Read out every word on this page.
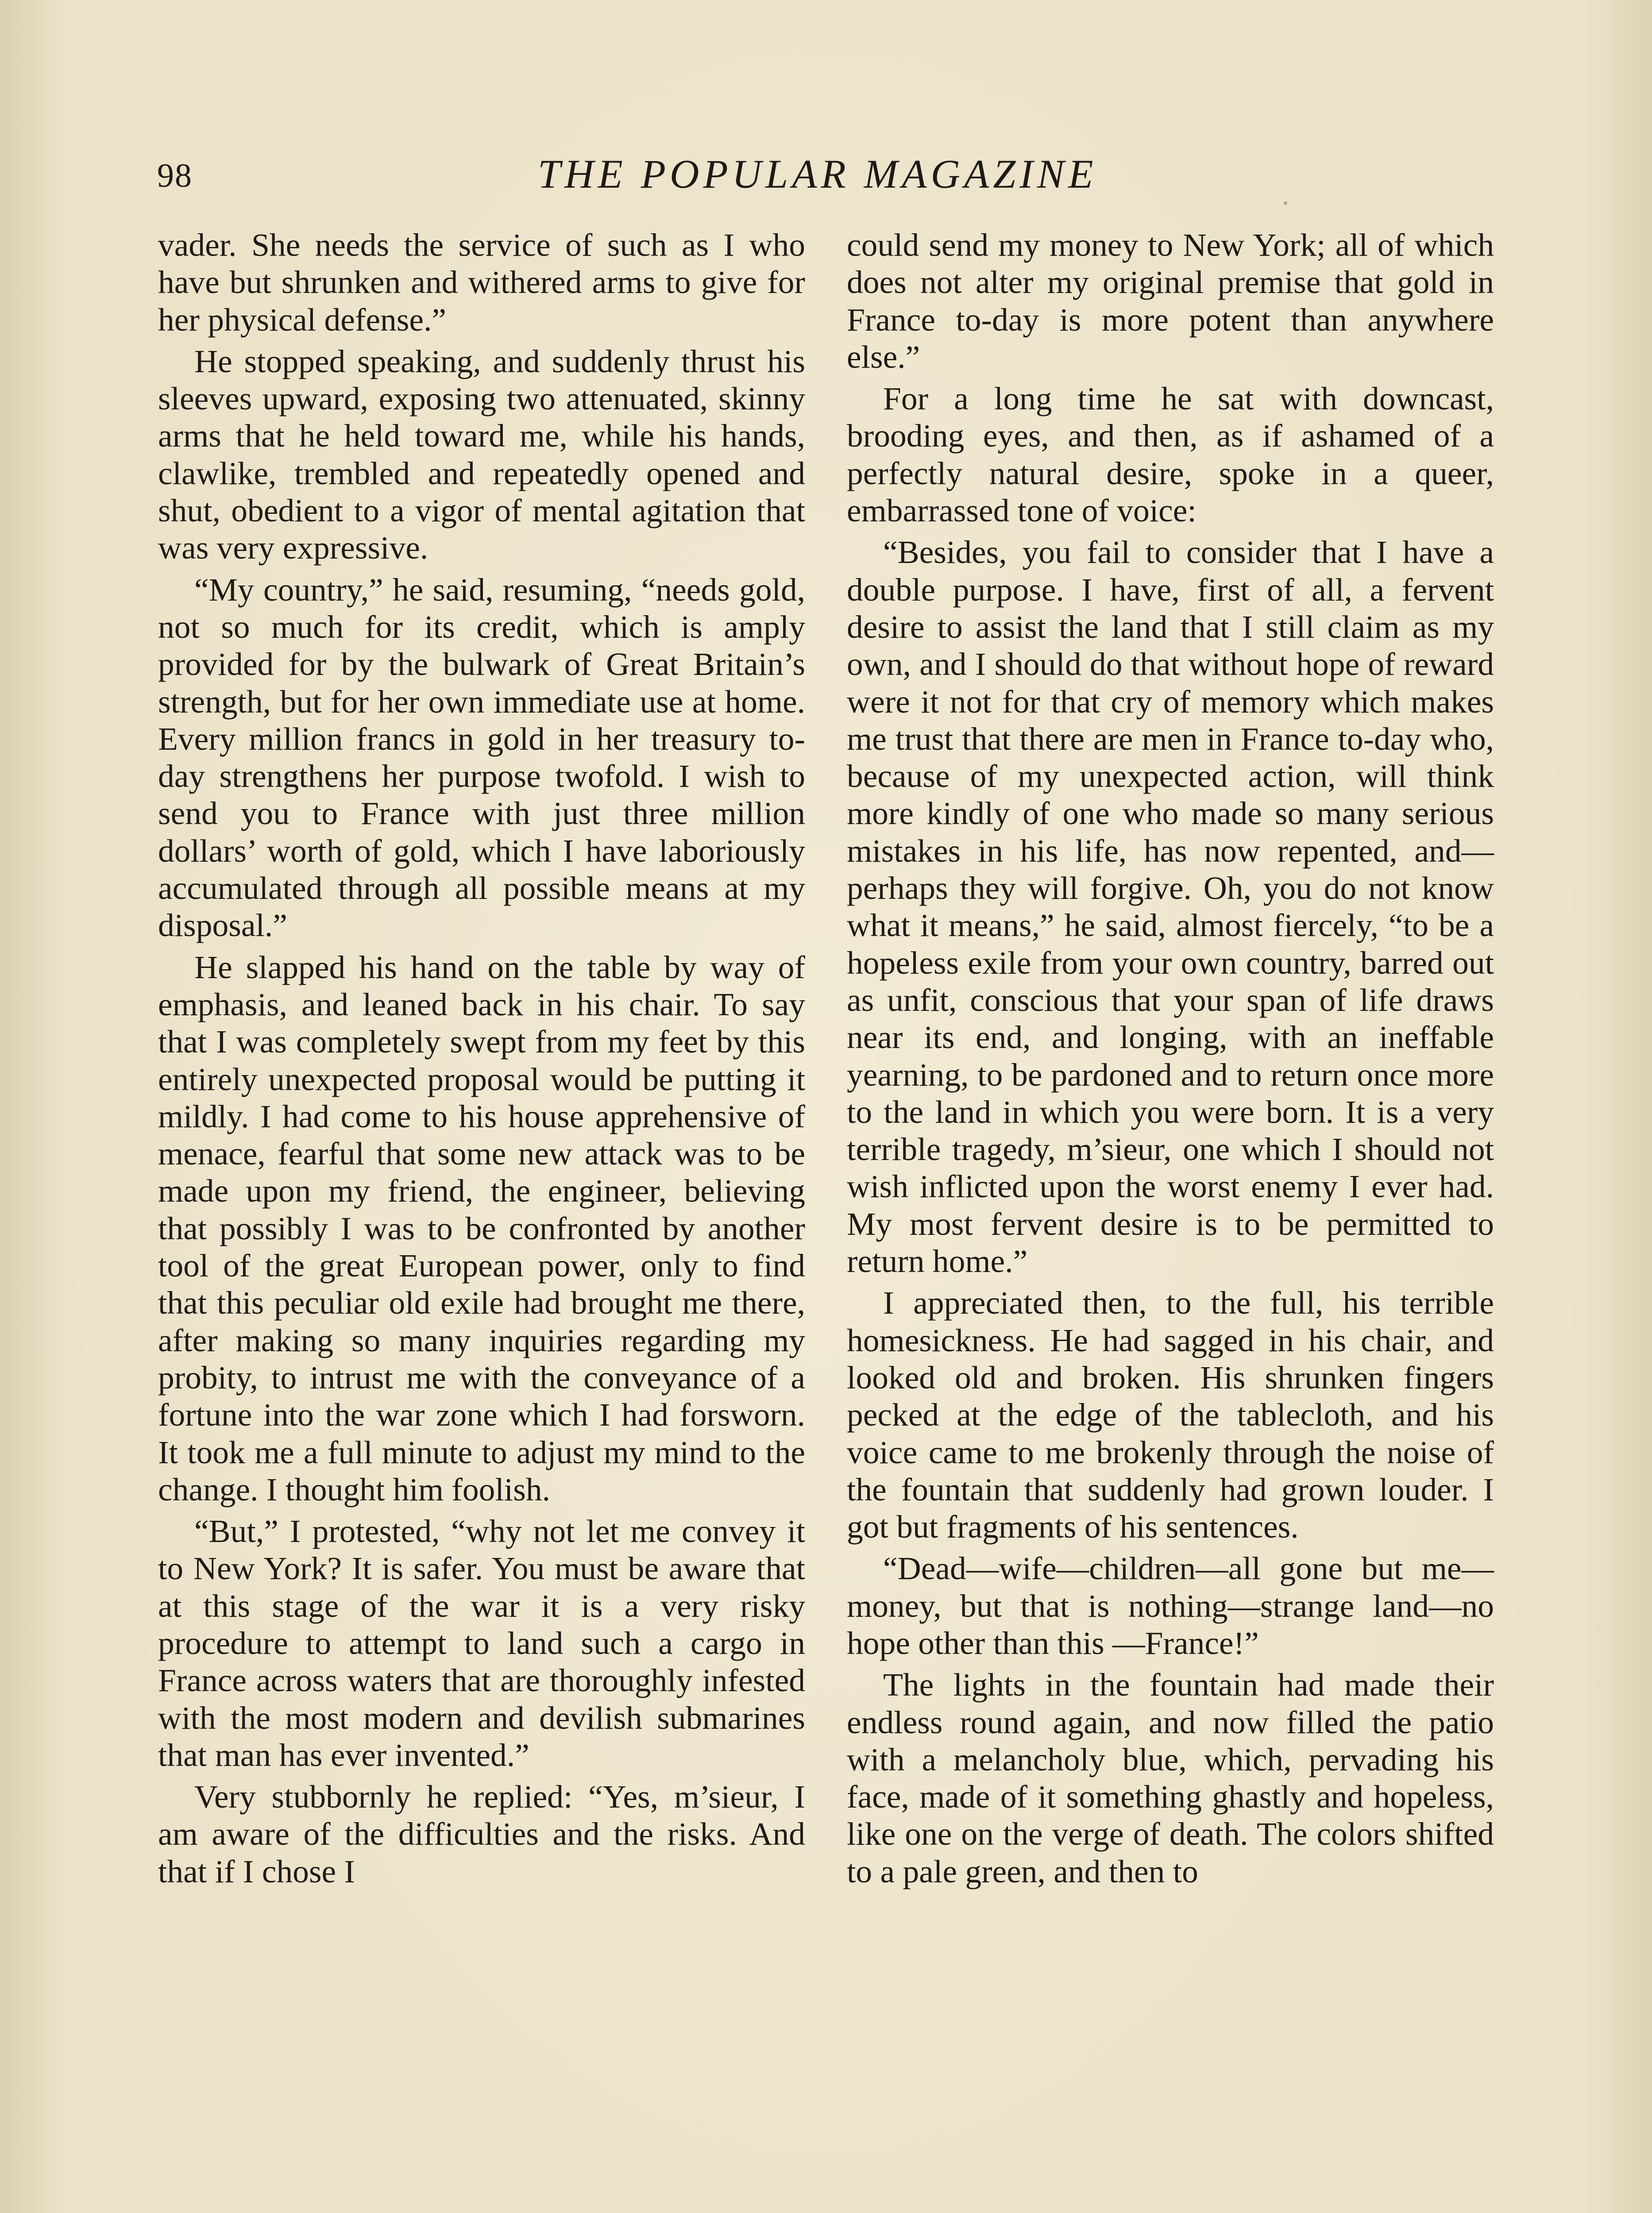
98	THE POPULAR MAGAZINE

vader. She needs the service of such as I who have but shrunken and withered arms to give for her physical defense.”

He stopped speaking, and suddenly thrust his sleeves upward, exposing two attenuated, skinny arms that he held toward me, while his hands, clawlike, trembled and repeatedly opened and shut, obedient to a vigor of mental agitation that was very expressive.

“My country,” he said, resuming, “needs gold, not so much for its credit, which is amply provided for by the bulwark of Great Britain’s strength, but for her own immediate use at home. Every million francs in gold in her treasury to-day strengthens her purpose twofold. I wish to send you to France with just three million dollars’ worth of gold, which I have laboriously accumulated through all possible means at my disposal.”

He slapped his hand on the table by way of emphasis, and leaned back in his chair. To say that I was completely swept from my feet by this entirely unexpected proposal would be putting it mildly. I had come to his house apprehensive of menace, fearful that some new attack was to be made upon my friend, the engineer, believing that possibly I was to be confronted by another tool of the great European power, only to find that this peculiar old exile had brought me there, after making so many inquiries regarding my probity, to intrust me with the conveyance of a fortune into the war zone which I had forsworn. It took me a full minute to adjust my mind to the change. I thought him foolish.

“But,” I protested, “why not let me convey it to New York? It is safer. You must be aware that at this stage of the war it is a very risky procedure to attempt to land such a cargo in France across waters that are thoroughly infested with the most modern and devilish submarines that man has ever invented.”

Very stubbornly he replied: “Yes, m’sieur, I am aware of the difficulties and the risks. And that if I chose I

could send my money to New York; all of which does not alter my original premise that gold in France to-day is more potent than anywhere else.”

For a long time he sat with downcast, brooding eyes, and then, as if ashamed of a perfectly natural desire, spoke in a queer, embarrassed tone of voice:

“Besides, you fail to consider that I have a double purpose. I have, first of all, a fervent desire to assist the land that I still claim as my own, and I should do that without hope of reward were it not for that cry of memory which makes me trust that there are men in France to-day who, because of my unexpected action, will think more kindly of one who made so many serious mistakes in his life, has now repented, and—perhaps they will forgive. Oh, you do not know what it means,” he said, almost fiercely, “to be a hopeless exile from your own country, barred out as unfit, conscious that your span of life draws near its end, and longing, with an ineffable yearning, to be pardoned and to return once more to the land in which you were born. It is a very terrible tragedy, m’sieur, one which I should not wish inflicted upon the worst enemy I ever had. My most fervent desire is to be permitted to return home.”

I appreciated then, to the full, his terrible homesickness. He had sagged in his chair, and looked old and broken. His shrunken fingers pecked at the edge of the tablecloth, and his voice came to me brokenly through the noise of the fountain that suddenly had grown louder. I got but fragments of his sentences.

“Dead—wife—children—all gone but me—money, but that is nothing—strange land—no hope other than this —France!”

The lights in the fountain had made their endless round again, and now filled the patio with a melancholy blue, which, pervading his face, made of it something ghastly and hopeless, like one on the verge of death. The colors shifted to a pale green, and then to
